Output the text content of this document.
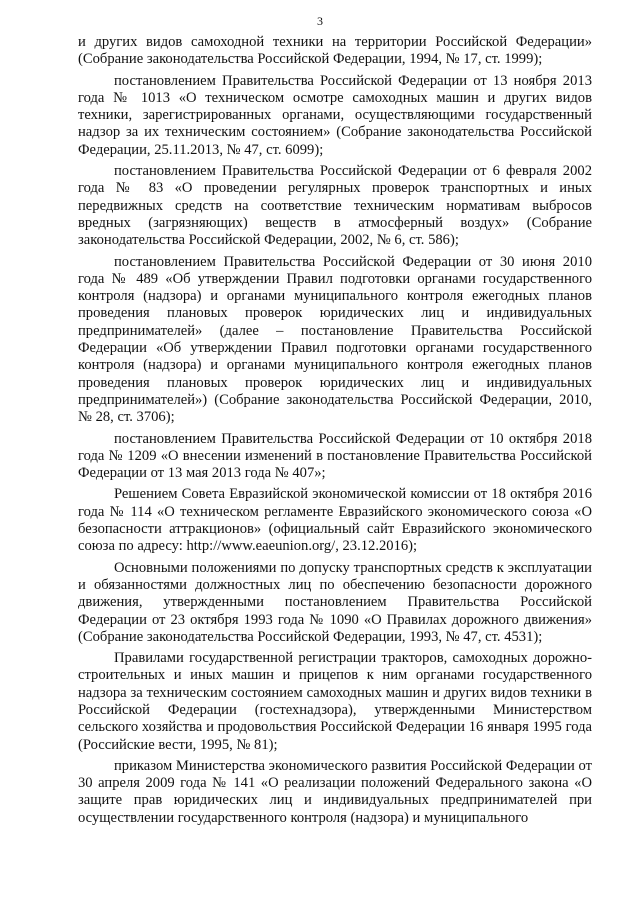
3

и других видов самоходной техники на территории Российской Федерации» (Собрание законодательства Российской Федерации, 1994, № 17, ст. 1999);

постановлением Правительства Российской Федерации от 13 ноября 2013 года № 1013 «О техническом осмотре самоходных машин и других видов техники, зарегистрированных органами, осуществляющими государственный надзор за их техническим состоянием» (Собрание законодательства Российской Федерации, 25.11.2013, № 47, ст. 6099);

постановлением Правительства Российской Федерации от 6 февраля 2002 года № 83 «О проведении регулярных проверок транспортных и иных передвижных средств на соответствие техническим нормативам выбросов вредных (загрязняющих) веществ в атмосферный воздух» (Собрание законодательства Российской Федерации, 2002, № 6, ст. 586);

постановлением Правительства Российской Федерации от 30 июня 2010 года № 489 «Об утверждении Правил подготовки органами государственного контроля (надзора) и органами муниципального контроля ежегодных планов проведения плановых проверок юридических лиц и индивидуальных предпринимателей» (далее – постановление Правительства Российской Федерации «Об утверждении Правил подготовки органами государственного контроля (надзора) и органами муниципального контроля ежегодных планов проведения плановых проверок юридических лиц и индивидуальных предпринимателей») (Собрание законодательства Российской Федерации, 2010, № 28, ст. 3706);

постановлением Правительства Российской Федерации от 10 октября 2018 года № 1209 «О внесении изменений в постановление Правительства Российской Федерации от 13 мая 2013 года № 407»;

Решением Совета Евразийской экономической комиссии от 18 октября 2016 года № 114 «О техническом регламенте Евразийского экономического союза «О безопасности аттракционов» (официальный сайт Евразийского экономического союза по адресу: http://www.eaeunion.org/, 23.12.2016);

Основными положениями по допуску транспортных средств к эксплуатации и обязанностями должностных лиц по обеспечению безопасности дорожного движения, утвержденными постановлением Правительства Российской Федерации от 23 октября 1993 года № 1090 «О Правилах дорожного движения» (Собрание законодательства Российской Федерации, 1993, № 47, ст. 4531);

Правилами государственной регистрации тракторов, самоходных дорожно-строительных и иных машин и прицепов к ним органами государственного надзора за техническим состоянием самоходных машин и других видов техники в Российской Федерации (гостехнадзора), утвержденными Министерством сельского хозяйства и продовольствия Российской Федерации 16 января 1995 года (Российские вести, 1995, № 81);

приказом Министерства экономического развития Российской Федерации от 30 апреля 2009 года № 141 «О реализации положений Федерального закона «О защите прав юридических лиц и индивидуальных предпринимателей при осуществлении государственного контроля (надзора) и муниципального
